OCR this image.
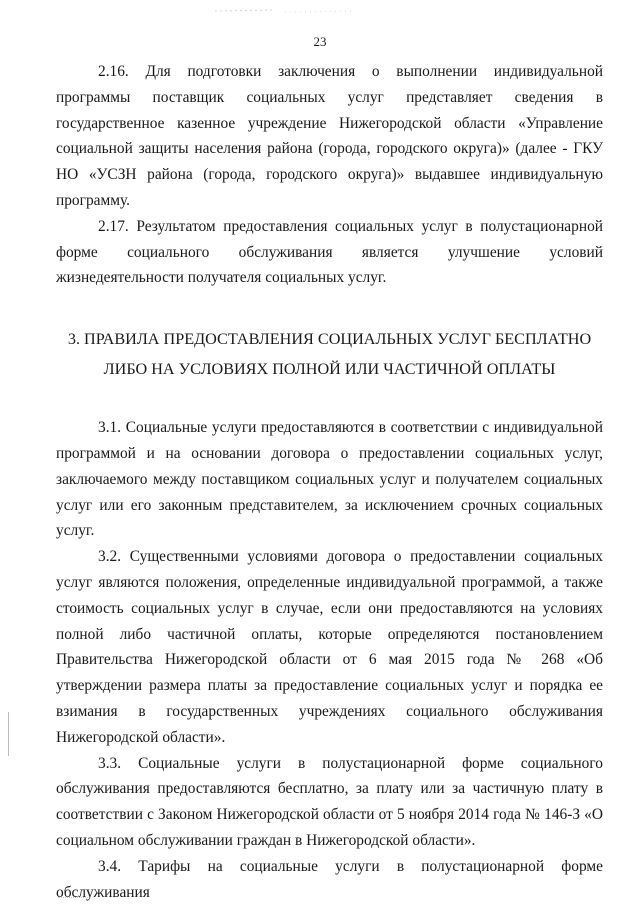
23

2.16. Для подготовки заключения о выполнении индивидуальной программы поставщик социальных услуг представляет сведения в государственное казенное учреждение Нижегородской области «Управление социальной защиты населения района (города, городского округа)» (далее - ГКУ НО «УСЗН района (города, городского округа)» выдавшее индивидуальную программу.

2.17. Результатом предоставления социальных услуг в полустационарной форме социального обслуживания является улучшение условий жизнедеятельности получателя социальных услуг.

3. ПРАВИЛА ПРЕДОСТАВЛЕНИЯ СОЦИАЛЬНЫХ УСЛУГ БЕСПЛАТНО
ЛИБО НА УСЛОВИЯХ ПОЛНОЙ ИЛИ ЧАСТИЧНОЙ ОПЛАТЫ

3.1. Социальные услуги предоставляются в соответствии с индивидуальной программой и на основании договора о предоставлении социальных услуг, заключаемого между поставщиком социальных услуг и получателем социальных услуг или его законным представителем, за исключением срочных социальных услуг.

3.2. Существенными условиями договора о предоставлении социальных услуг являются положения, определенные индивидуальной программой, а также стоимость социальных услуг в случае, если они предоставляются на условиях полной либо частичной оплаты, которые определяются постановлением Правительства Нижегородской области от 6 мая 2015 года № 268 «Об утверждении размера платы за предоставление социальных услуг и порядка ее взимания в государственных учреждениях социального обслуживания Нижегородской области».

3.3. Социальные услуги в полустационарной форме социального обслуживания предоставляются бесплатно, за плату или за частичную плату в соответствии с Законом Нижегородской области от 5 ноября 2014 года № 146-З «О социальном обслуживании граждан в Нижегородской области».

3.4. Тарифы на социальные услуги в полустационарной форме обслуживания
